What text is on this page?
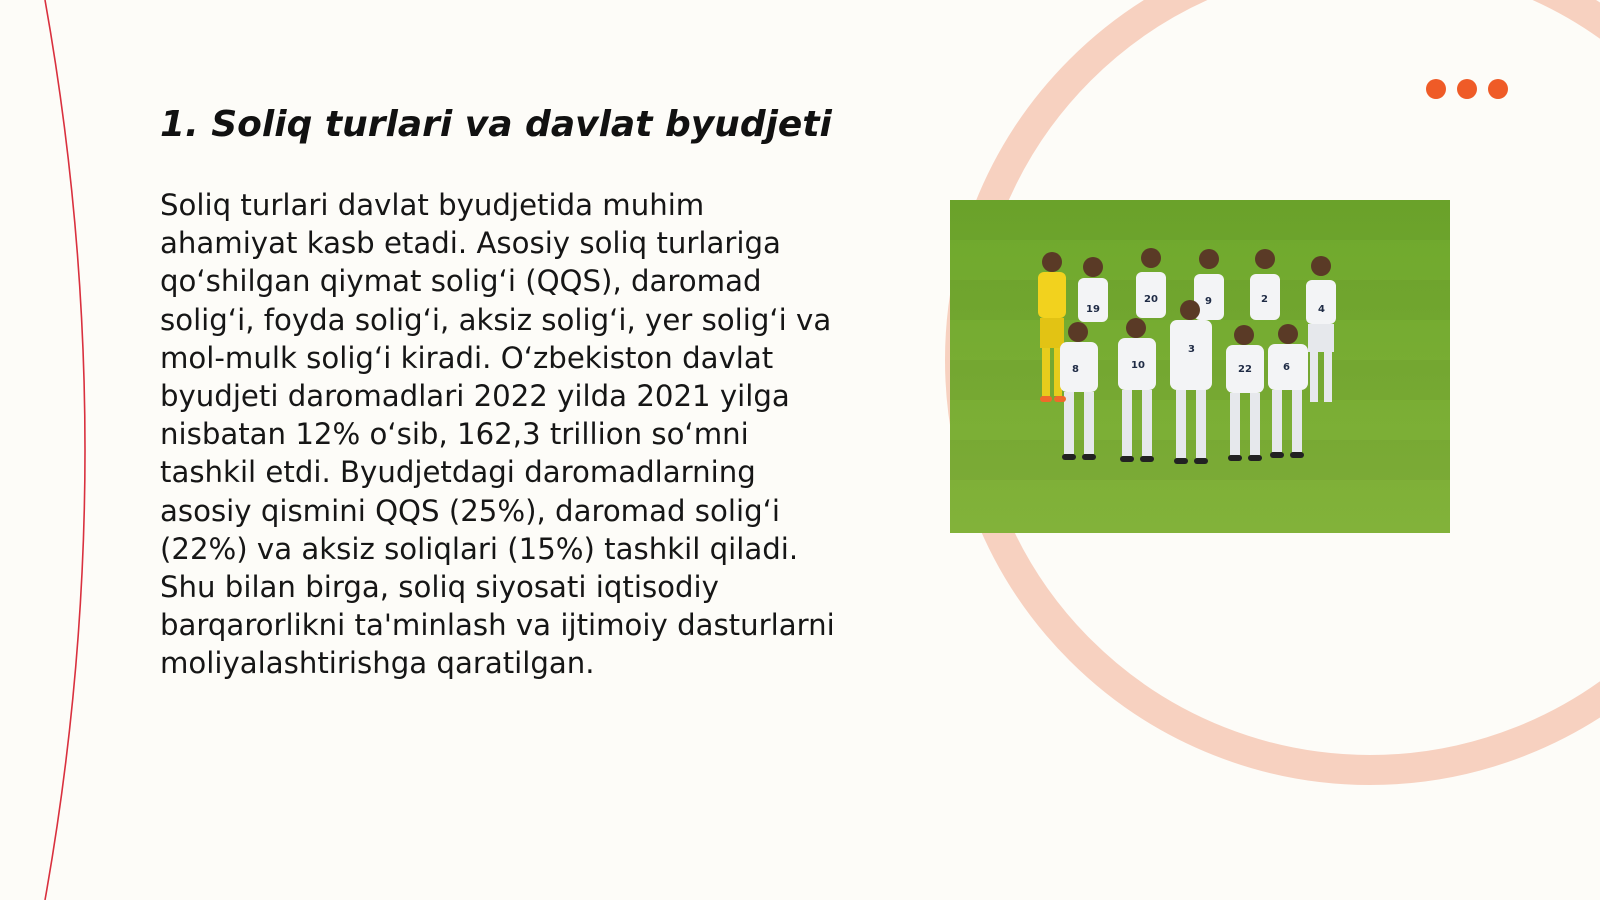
1. Soliq turlari va davlat byudjeti

Soliq turlari davlat byudjetida muhim ahamiyat kasb etadi. Asosiy soliq turlariga qo‘shilgan qiymat solig‘i (QQS), daromad solig‘i, foyda solig‘i, aksiz solig‘i, yer solig‘i va mol-mulk solig‘i kiradi. O‘zbekiston davlat byudjeti daromadlari 2022 yilda 2021 yilga nisbatan 12% o‘sib, 162,3 trillion so‘mni tashkil etdi. Byudjetdagi daromadlarning asosiy qismini QQS (25%), daromad solig‘i (22%) va aksiz soliqlari (15%) tashkil qiladi. Shu bilan birga, soliq siyosati iqtisodiy barqarorlikni ta'minlash va ijtimoiy dasturlarni moliyalashtirishga qaratilgan.

19
20	9	2
4
8	10
3
22	6
